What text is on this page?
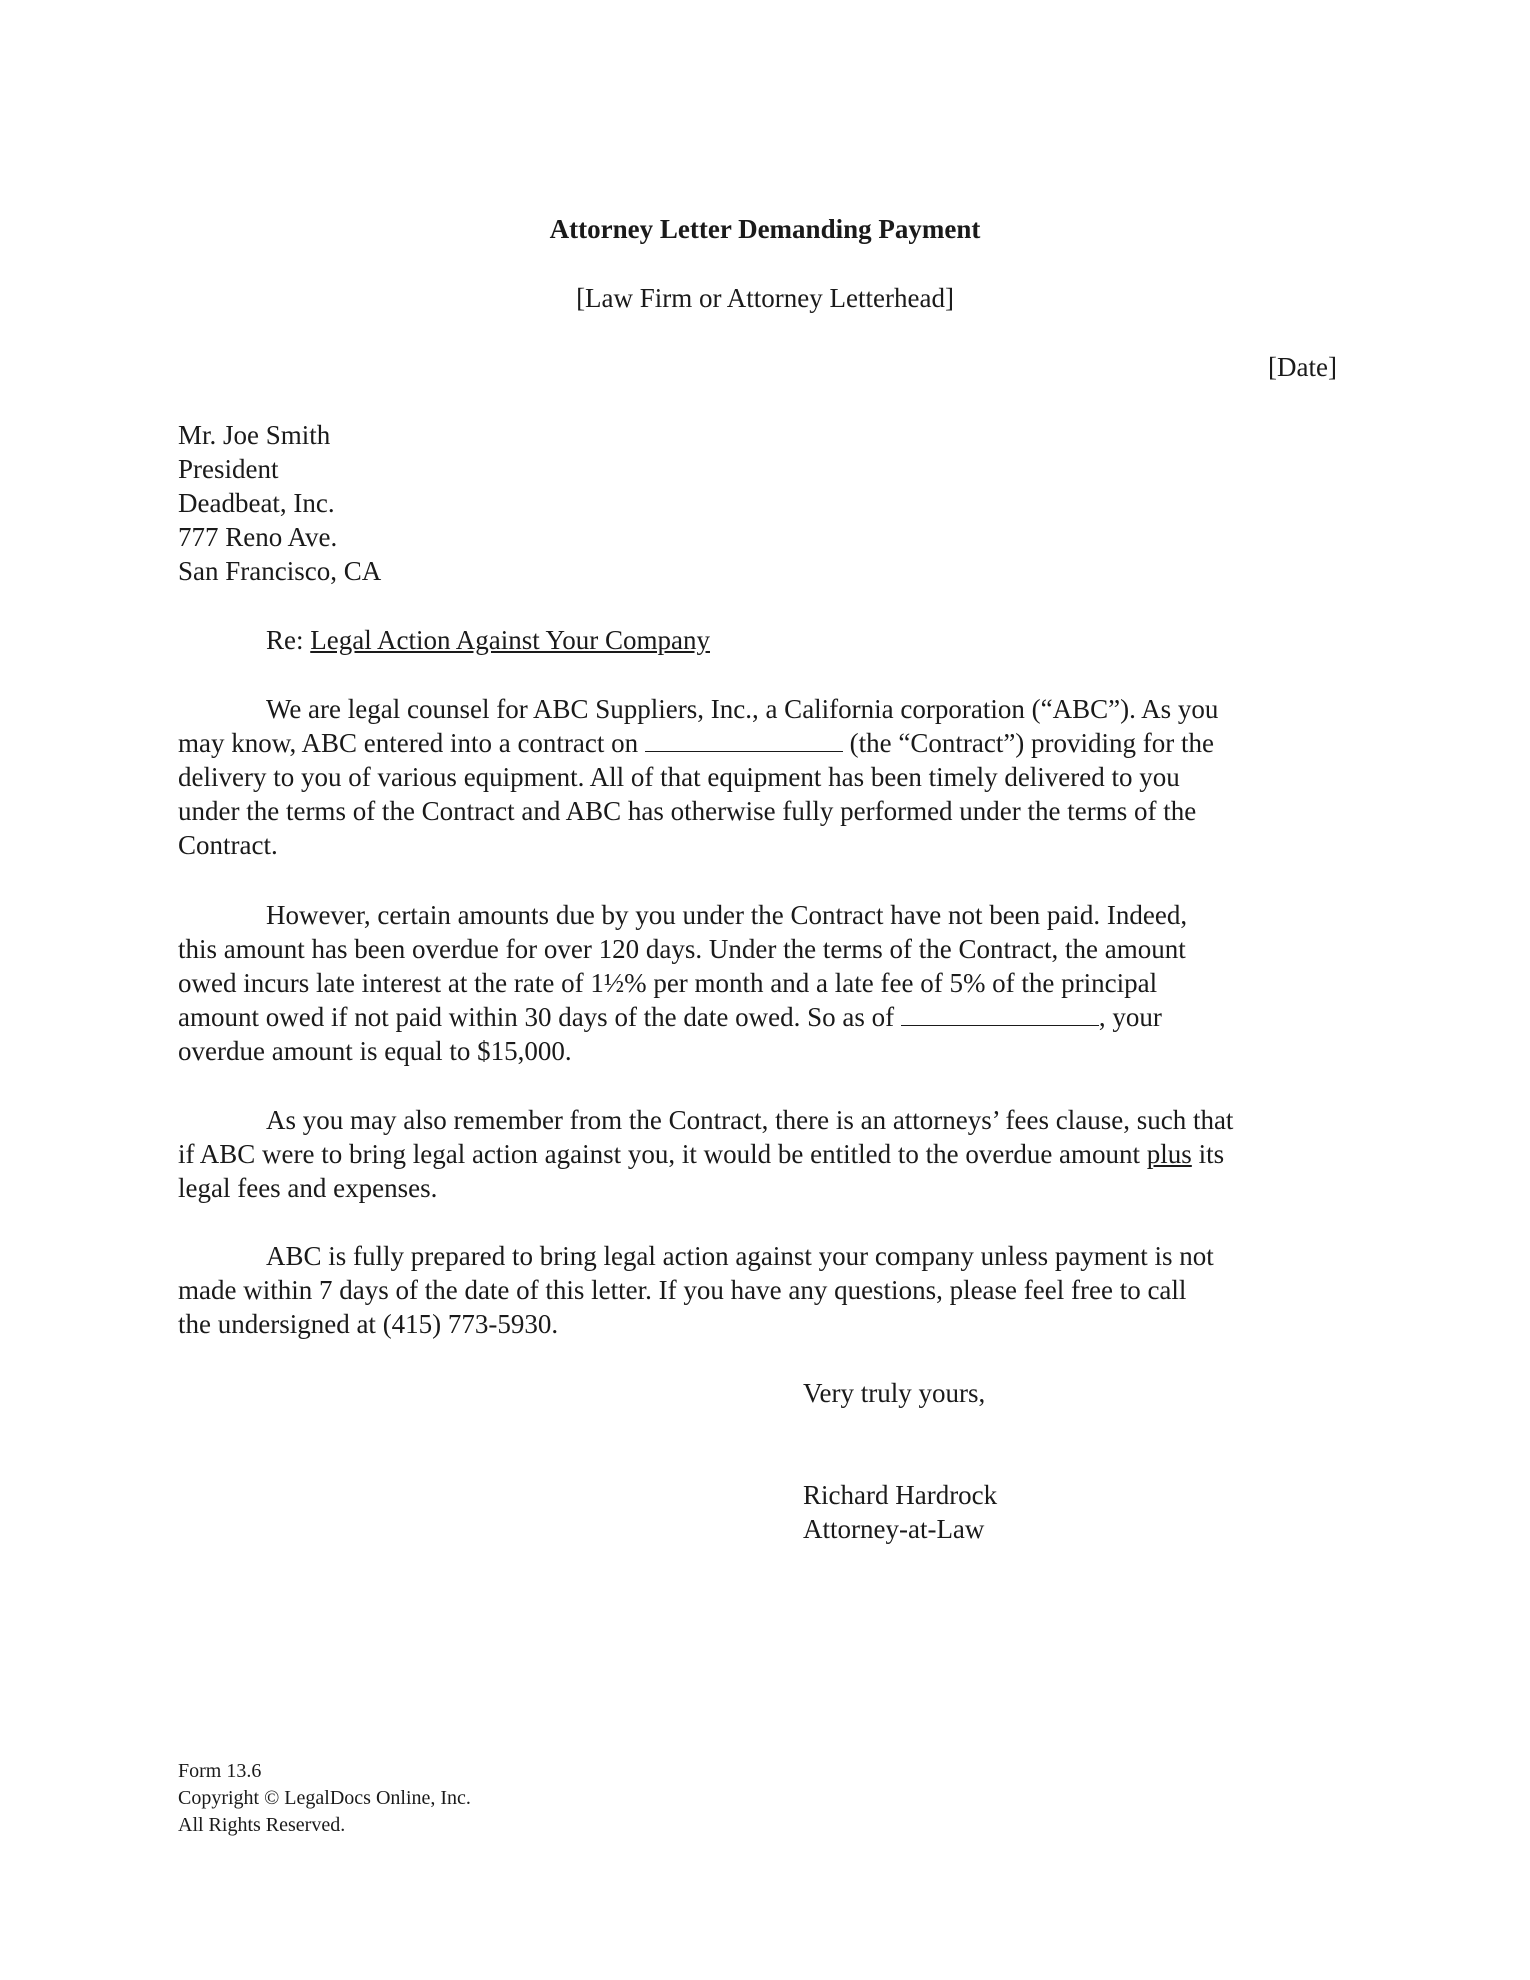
Attorney Letter Demanding Payment
[Law Firm or Attorney Letterhead]
[Date]
Mr. Joe Smith
President
Deadbeat, Inc.
777 Reno Ave.
San Francisco, CA
Re: Legal Action Against Your Company
We are legal counsel for ABC Suppliers, Inc., a California corporation (“ABC”). As you
may know, ABC entered into a contract on	(the “Contract”) providing for the
delivery to you of various equipment. All of that equipment has been timely delivered to you
under the terms of the Contract and ABC has otherwise fully performed under the terms of the
Contract.
However, certain amounts due by you under the Contract have not been paid. Indeed,
this amount has been overdue for over 120 days. Under the terms of the Contract, the amount
owed incurs late interest at the rate of 1½% per month and a late fee of 5% of the principal
amount owed if not paid within 30 days of the date owed. So as of	, your
overdue amount is equal to $15,000.
As you may also remember from the Contract, there is an attorneys’ fees clause, such that
if ABC were to bring legal action against you, it would be entitled to the overdue amount plus its
legal fees and expenses.
ABC is fully prepared to bring legal action against your company unless payment is not
made within 7 days of the date of this letter. If you have any questions, please feel free to call
the undersigned at (415) 773-5930.
Very truly yours,
Richard Hardrock
Attorney-at-Law
Form 13.6
Copyright © LegalDocs Online, Inc.
All Rights Reserved.
